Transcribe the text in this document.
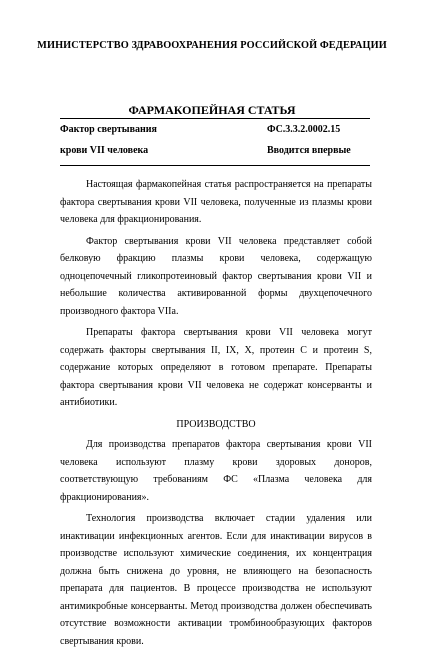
МИНИСТЕРСТВО ЗДРАВООХРАНЕНИЯ РОССИЙСКОЙ ФЕДЕРАЦИИ
ФАРМАКОПЕЙНАЯ СТАТЬЯ
Фактор свертывания	ФС.3.3.2.0002.15
крови VII человека	Вводится впервые

Настоящая фармакопейная статья распространяется на препараты фактора свертывания крови VII человека, полученные из плазмы крови человека для фракционирования.

Фактор свертывания крови VII человека представляет собой белковую фракцию плазмы крови человека, содержащую одноцепочечный гликопротеиновый фактор свертывания крови VII и небольшие количества активированной формы двухцепочечного производного фактора VIIa.

Препараты фактора свертывания крови VII человека могут содержать факторы свертывания II, IX, X, протеин C и протеин S, содержание которых определяют в готовом препарате. Препараты фактора свертывания крови VII человека не содержат консерванты и антибиотики.

ПРОИЗВОДСТВО

Для производства препаратов фактора свертывания крови VII человека используют плазму крови здоровых доноров, соответствующую требованиям ФС «Плазма человека для фракционирования».

Технология производства включает стадии удаления или инактивации инфекционных агентов. Если для инактивации вирусов в производстве используют химические соединения, их концентрация должна быть снижена до уровня, не влияющего на безопасность препарата для пациентов. В процессе производства не используют антимикробные консерванты. Метод производства должен обеспечивать отсутствие возможности активации тромбинообразующих факторов свертывания крови.
